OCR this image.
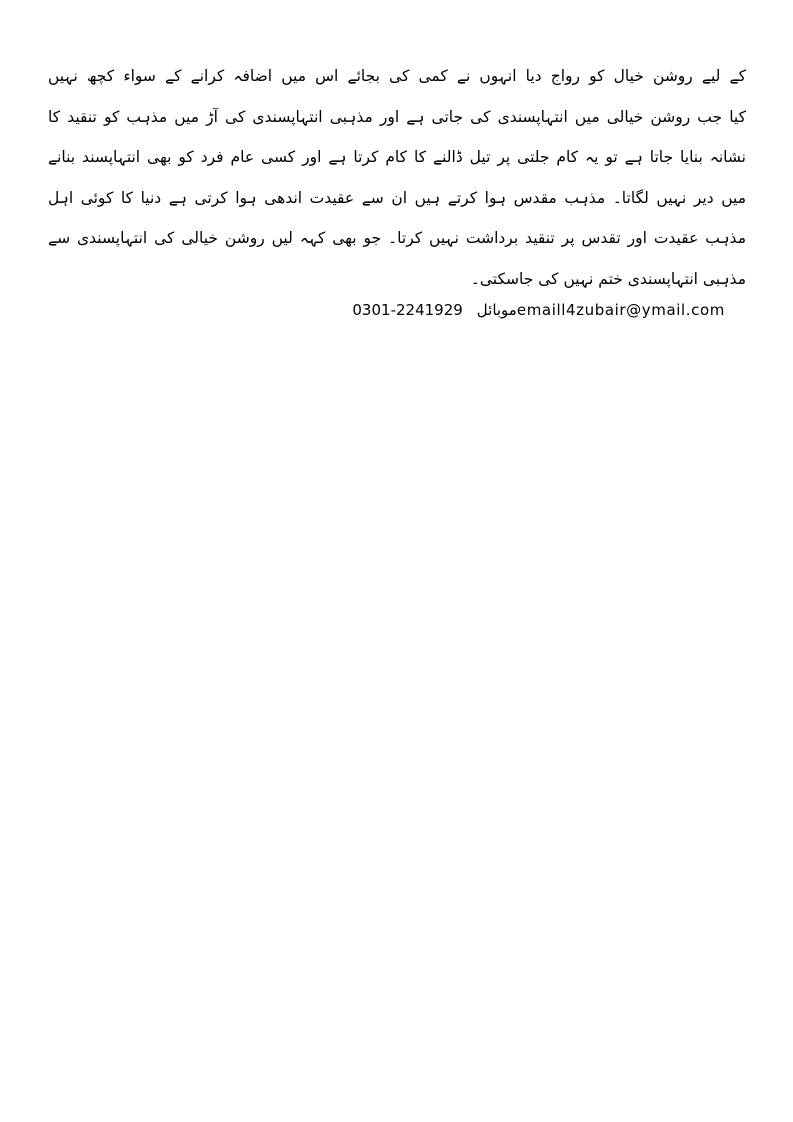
کے لیے روشن خیال کو رواج دیا انہوں نے کمی کی بجائے اس میں اضافہ کرانے کے سواء کچھ نہیں
کیا جب روشن خیالی میں انتہاپسندی کی جاتی ہے اور مذہبی انتہاپسندی کی آڑ میں مذہب کو تنقید کا
نشانہ بنایا جاتا ہے تو یہ کام جلتی پر تیل ڈالنے کا کام کرتا ہے اور کسی عام فرد کو بھی انتہاپسند بنانے
میں دیر نہیں لگاتا۔ مذہب مقدس ہوا کرتے ہیں ان سے عقیدت اندھی ہوا کرتی ہے دنیا کا کوئی اہل
مذہب عقیدت اور تقدس پر تنقید برداشت نہیں کرتا۔ جو بھی کہہ لیں روشن خیالی کی انتہاپسندی سے
مذہبی انتہاپسندی ختم نہیں کی جاسکتی۔
0301-2241929 موبائلemaill4zubair@ymail.com
